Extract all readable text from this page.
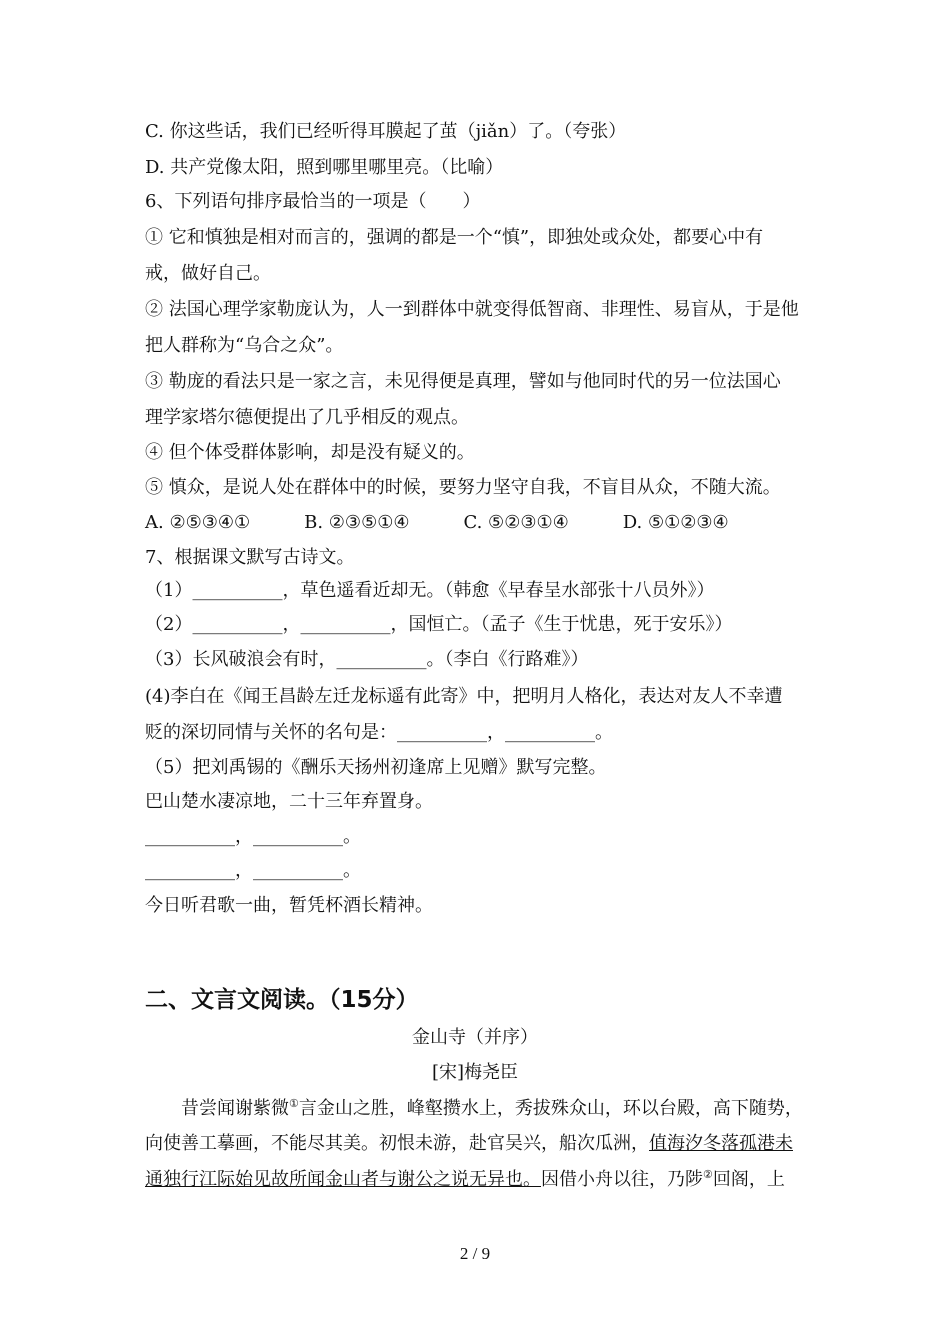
C. 你这些话，我们已经听得耳膜起了茧（jiǎn）了。（夸张）
D. 共产党像太阳，照到哪里哪里亮。（比喻）
6、下列语句排序最恰当的一项是（　　）
① 它和慎独是相对而言的，强调的都是一个“慎”，即独处或众处，都要心中有
戒，做好自己。
② 法国心理学家勒庞认为，人一到群体中就变得低智商、非理性、易盲从，于是他
把人群称为“乌合之众”。
③ 勒庞的看法只是一家之言，未见得便是真理，譬如与他同时代的另一位法国心
理学家塔尔德便提出了几乎相反的观点。
④ 但个体受群体影响，却是没有疑义的。
⑤ 慎众，是说人处在群体中的时候，要努力坚守自我，不盲目从众，不随大流。
A. ②⑤③④①　　　B. ②③⑤①④　　　C. ⑤②③①④　　　D. ⑤①②③④
7、根据课文默写古诗文。
（1）__________，草色遥看近却无。（韩愈《早春呈水部张十八员外》）
（2）__________，__________，国恒亡。（孟子《生于忧患，死于安乐》）
（3）长风破浪会有时，__________。（李白《行路难》）
(4)李白在《闻王昌龄左迁龙标遥有此寄》中，把明月人格化，表达对友人不幸遭
贬的深切同情与关怀的名句是：__________，__________。
（5）把刘禹锡的《酬乐天扬州初逢席上见赠》默写完整。
巴山楚水凄凉地，二十三年弃置身。
__________，__________。
__________，__________。
今日听君歌一曲，暂凭杯酒长精神。
二、文言文阅读。（15分）
金山寺（并序）
[宋]梅尧臣
昔尝闻谢紫微①言金山之胜，峰壑攒水上，秀拔殊众山，环以台殿，高下随势，
向使善工摹画，不能尽其美。初恨未游，赴官吴兴，船次瓜洲，值海汐冬落孤港未
通独行江际始见故所闻金山者与谢公之说无异也。因借小舟以往，乃陟②回阁，上
2 / 9
